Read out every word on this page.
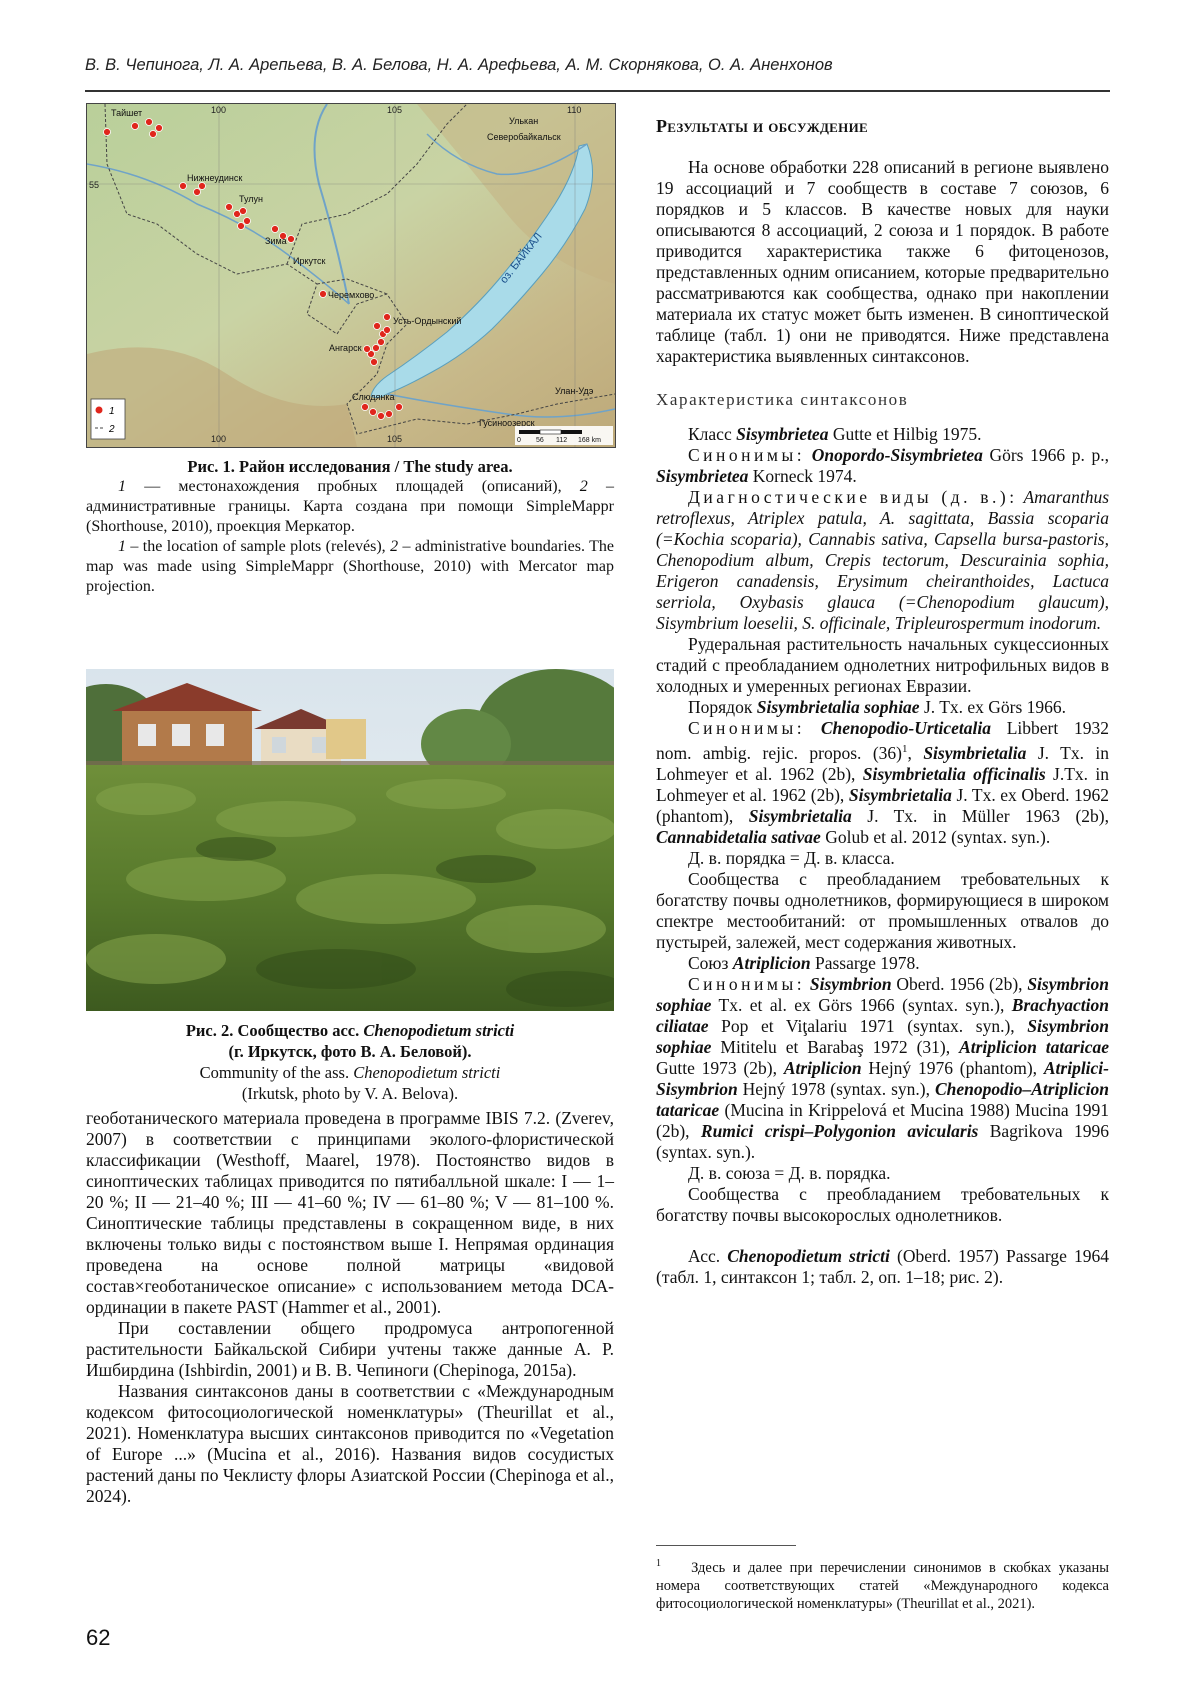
В. В. Чепинога, Л. А. Арепьева, В. А. Белова, Н. А. Арефьева, А. М. Скорнякова, О. А. Аненхонов
Тайшет
Нижнеудинск
Тулун
Зима
Иркутск
Черемхово
Ангарск
Усть-Ордынский
Слюдянка
Северобайкальск
Улькан
Улан-Удэ
Гусиноозерск
оз. БАЙКАЛ
100	105	110
105
100
55
1
2
0 56 112 168 km

Рис. 1. Район исследования / The study area.

1 — местонахождения пробных площадей (описаний), 2 – административные границы. Карта создана при помощи SimpleMappr (Shorthouse, 2010), проекция Меркатор.

1 – the location of sample plots (relevés), 2 – administrative boundaries. The map was made using SimpleMappr (Shorthouse, 2010) with Mercator map projection.

Рис. 2. Сообщество асс. Chenopodietum stricti

(г. Иркутск, фото В. А. Беловой).

Community of the ass. Chenopodietum stricti

(Irkutsk, photo by V. A. Belova).

геоботанического материала проведена в программе IBIS 7.2. (Zverev, 2007) в соответствии с принципами эколого-флористической классификации (Westhoff, Maarel, 1978). Постоянство видов в синоптических таблицах приводится по пятибалльной шкале: I — 1–20 %; II — 21–40 %; III — 41–60 %; IV — 61–80 %; V — 81–100 %. Синоптические таблицы представлены в сокращенном виде, в них включены только виды с постоянством выше I. Непрямая ординация проведена на основе полной матрицы «видовой состав×геоботаническое описание» с использованием метода DCA-ординации в пакете PAST (Hammer et al., 2001).

При составлении общего продромуса антропогенной растительности Байкальской Сибири учтены также данные А. Р. Ишбирдина (Ishbirdin, 2001) и В. В. Чепиноги (Chepinoga, 2015a).

Названия синтаксонов даны в соответствии с «Международным кодексом фитосоциологической номенклатуры» (Theurillat et al., 2021). Номенклатура высших синтаксонов приводится по «Vegetation of Europe ...» (Mucina et al., 2016). Названия видов сосудистых растений даны по Чеклисту флоры Азиатской России (Chepinoga et al., 2024).

Результаты и обсуждение

На основе обработки 228 описаний в регионе выявлено 19 ассоциаций и 7 сообществ в составе 7 союзов, 6 порядков и 5 классов. В качестве новых для науки описываются 8 ассоциаций, 2 союза и 1 порядок. В работе приводится характеристика также 6 фитоценозов, представленных одним описанием, которые предварительно рассматриваются как сообщества, однако при накоплении материала их статус может быть изменен. В синоптической таблице (табл. 1) они не приводятся. Ниже представлена характеристика выявленных синтаксонов.

Характеристика синтаксонов

Класс Sisymbrietea Gutte et Hilbig 1975.

Синонимы: Onopordo-Sisymbrietea Görs 1966 p. p., Sisymbrietea Korneck 1974.

Диагностические виды (д. в.): Amaranthus retroflexus, Atriplex patula, A. sagittata, Bassia scoparia (=Kochia scoparia), Cannabis sativa, Capsella bursa-pastoris, Chenopodium album, Crepis tectorum, Descurainia sophia, Erigeron canadensis, Erysimum cheiranthoides, Lactuca serriola, Oxybasis glauca (=Chenopodium glaucum), Sisymbrium loeselii, S. officinale, Tripleurospermum inodorum.

Рудеральная растительность начальных сукцессионных стадий с преобладанием однолетних нитрофильных видов в холодных и умеренных регионах Евразии.

Порядок Sisymbrietalia sophiae J. Tx. ex Görs 1966.

Синонимы: Chenopodio-Urticetalia Libbert 1932 nom. ambig. rejic. propos. (36)1, Sisymbrietalia J. Tx. in Lohmeyer et al. 1962 (2b), Sisymbrietalia officinalis J.Tx. in Lohmeyer et al. 1962 (2b), Sisymbrietalia J. Tx. ex Oberd. 1962 (phantom), Sisymbrietalia J. Tx. in Müller 1963 (2b), Cannabidetalia sativae Golub et al. 2012 (syntax. syn.).

Д. в. порядка = Д. в. класса.

Сообщества с преобладанием требовательных к богатству почвы однолетников, формирующиеся в широком спектре местообитаний: от промышленных отвалов до пустырей, залежей, мест содержания животных.

Союз Atriplicion Passarge 1978.

Синонимы: Sisymbrion Oberd. 1956 (2b), Sisymbrion sophiae Tx. et al. ex Görs 1966 (syntax. syn.), Brachyaction ciliatae Pop et Viţalariu 1971 (syntax. syn.), Sisymbrion sophiae Mititelu et Barabaş 1972 (31), Atriplicion tataricae Gutte 1973 (2b), Atriplicion Hejný 1976 (phantom), Atriplici-Sisymbrion Hejný 1978 (syntax. syn.), Chenopodio–Atriplicion tataricae (Mucina in Krippelová et Mucina 1988) Mucina 1991 (2b), Rumici crispi–Polygonion avicularis Bagrikova 1996 (syntax. syn.).

Д. в. союза = Д. в. порядка.

Сообщества с преобладанием требовательных к богатству почвы высокорослых однолетников.

Асс. Chenopodietum stricti (Oberd. 1957) Passarge 1964 (табл. 1, синтаксон 1; табл. 2, оп. 1–18; рис. 2).

1 Здесь и далее при перечислении синонимов в скобках указаны номера соответствующих статей «Международного кодекса фитосоциологической номенклатуры» (Theurillat et al., 2021).
62
